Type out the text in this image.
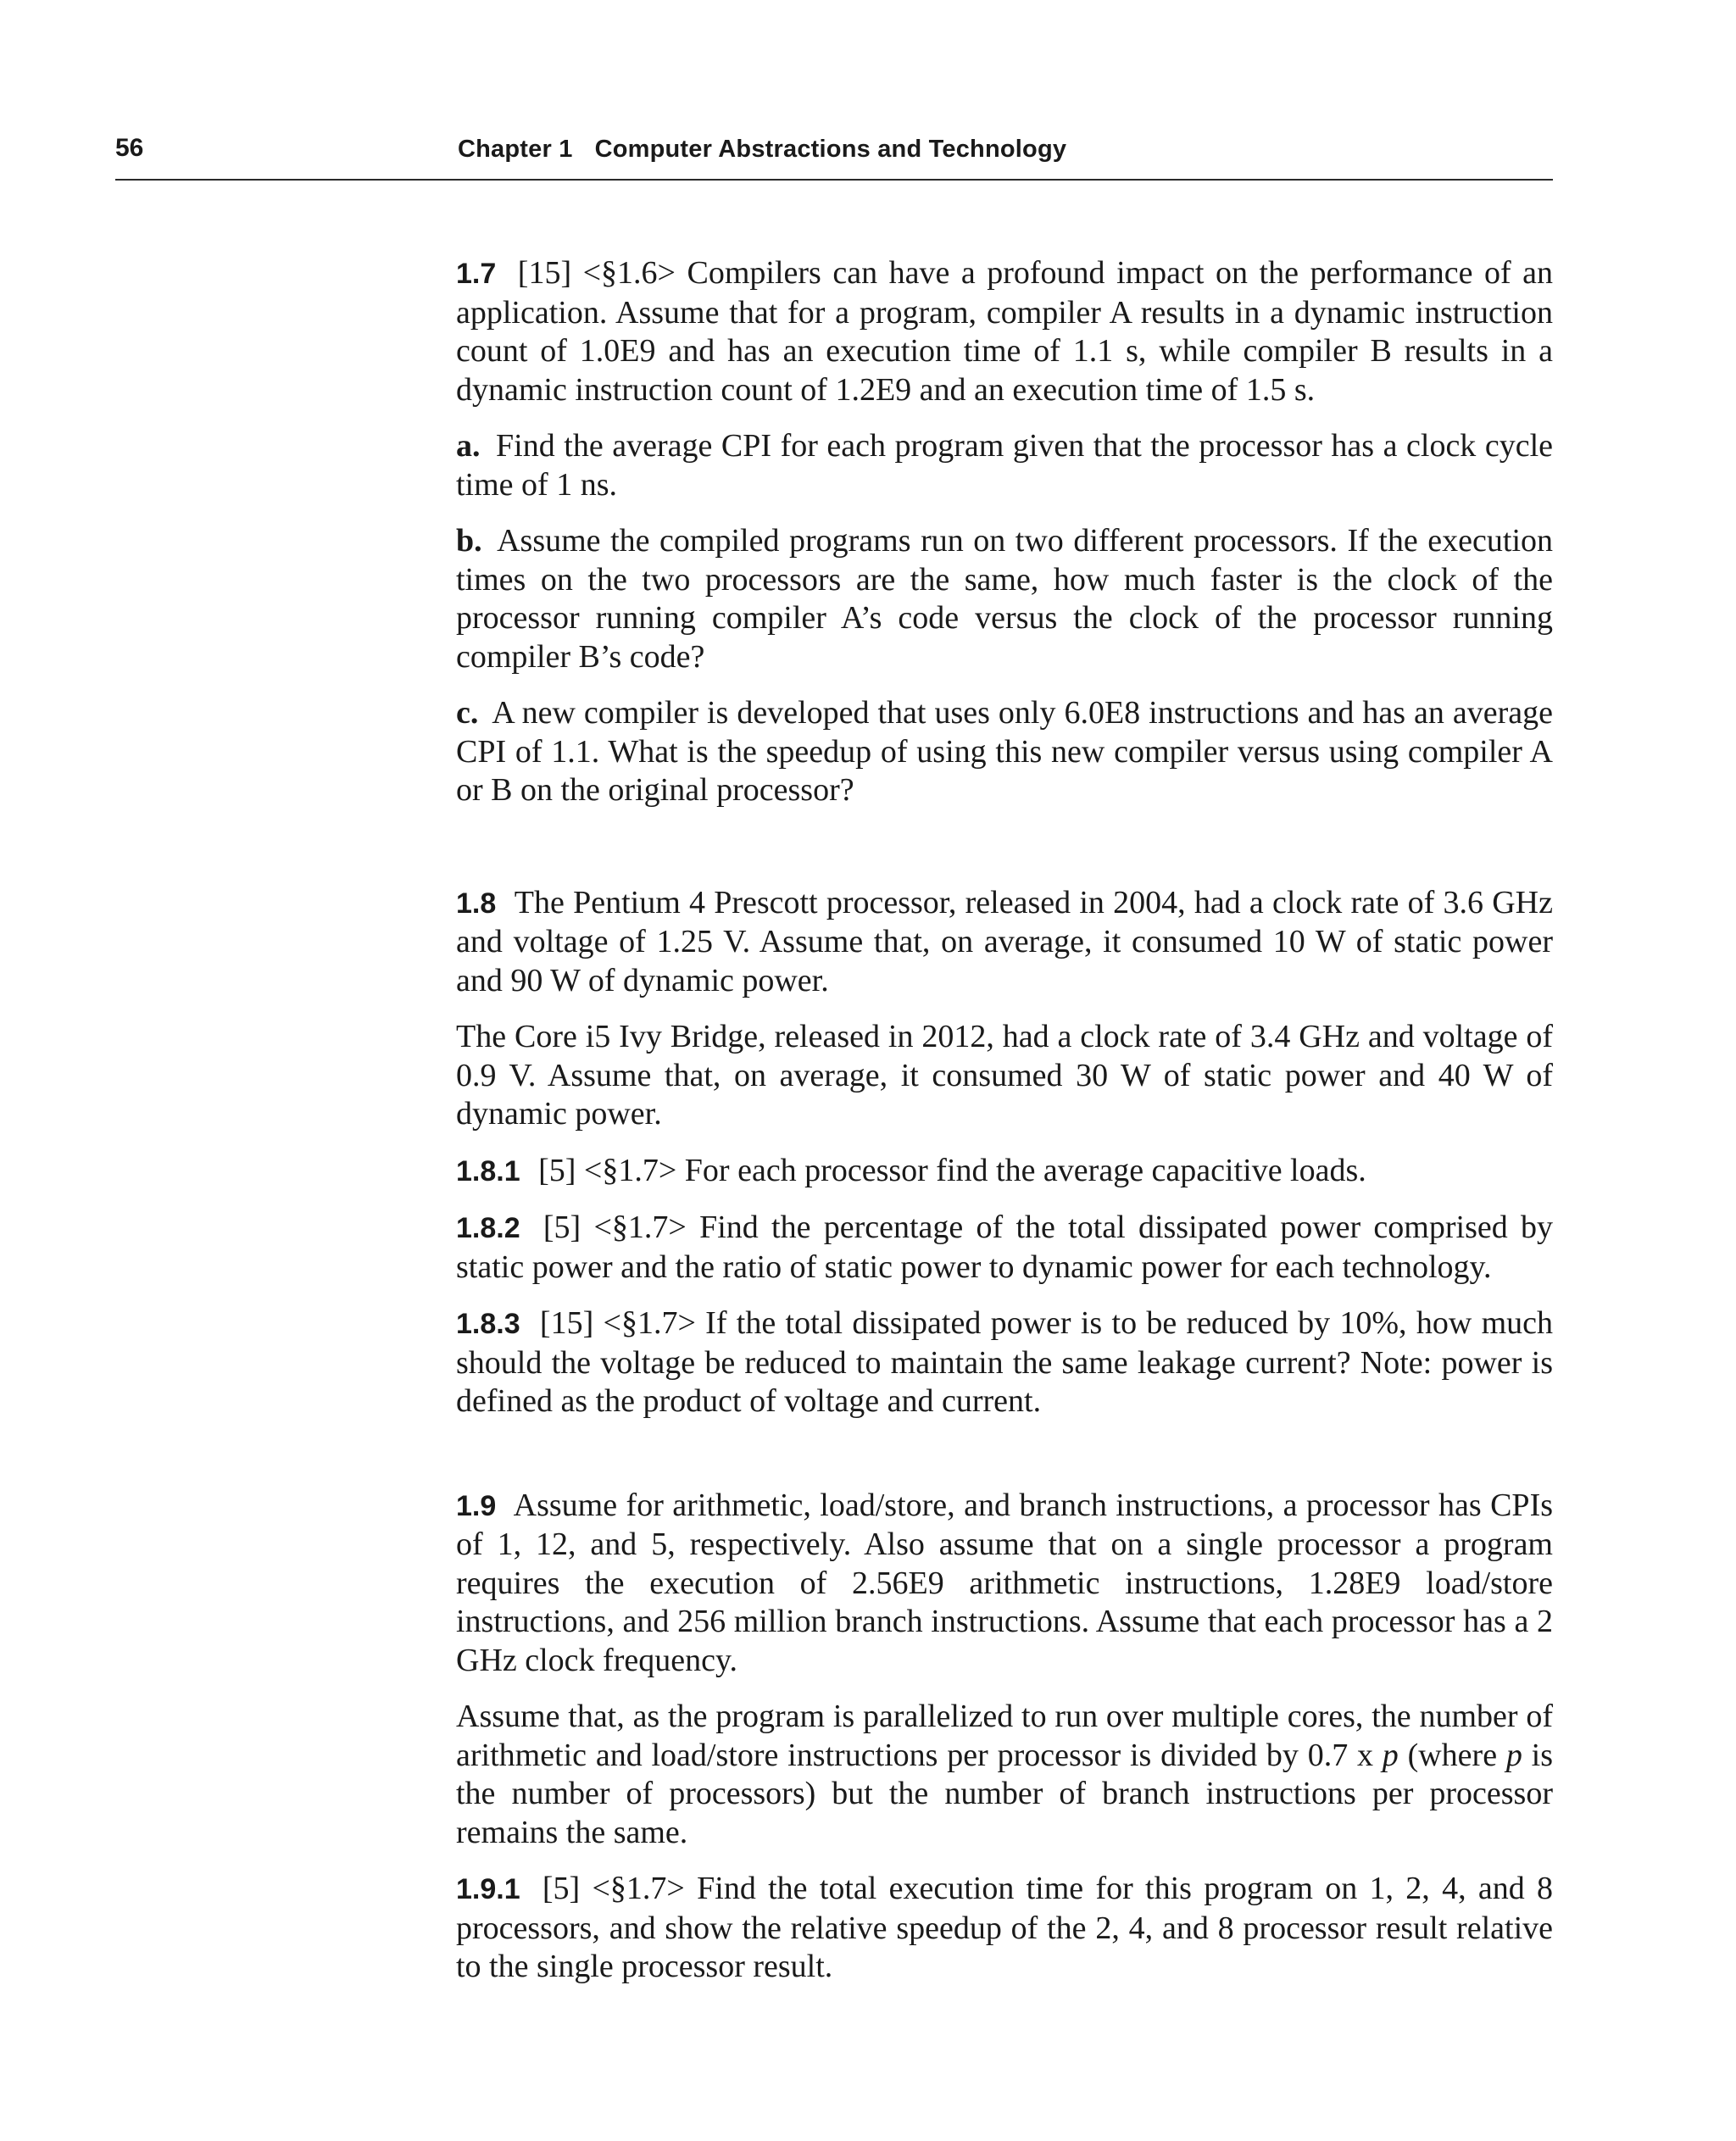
56	Chapter 1 Computer Abstractions and Technology

1.7 [15] <§1.6> Compilers can have a profound impact on the performance of an application. Assume that for a program, compiler A results in a dynamic instruction count of 1.0E9 and has an execution time of 1.1 s, while compiler B results in a dynamic instruction count of 1.2E9 and an execution time of 1.5 s.

a. Find the average CPI for each program given that the processor has a clock cycle time of 1 ns.

b. Assume the compiled programs run on two different processors. If the execution times on the two processors are the same, how much faster is the clock of the processor running compiler A’s code versus the clock of the processor running compiler B’s code?

c. A new compiler is developed that uses only 6.0E8 instructions and has an average CPI of 1.1. What is the speedup of using this new compiler versus using compiler A or B on the original processor?

1.8 The Pentium 4 Prescott processor, released in 2004, had a clock rate of 3.6 GHz and voltage of 1.25 V. Assume that, on average, it consumed 10 W of static power and 90 W of dynamic power.

The Core i5 Ivy Bridge, released in 2012, had a clock rate of 3.4 GHz and voltage of 0.9 V. Assume that, on average, it consumed 30 W of static power and 40 W of dynamic power.

1.8.1 [5] <§1.7> For each processor find the average capacitive loads.

1.8.2 [5] <§1.7> Find the percentage of the total dissipated power comprised by static power and the ratio of static power to dynamic power for each technology.

1.8.3 [15] <§1.7> If the total dissipated power is to be reduced by 10%, how much should the voltage be reduced to maintain the same leakage current? Note: power is defined as the product of voltage and current.

1.9 Assume for arithmetic, load/store, and branch instructions, a processor has CPIs of 1, 12, and 5, respectively. Also assume that on a single processor a program requires the execution of 2.56E9 arithmetic instructions, 1.28E9 load/store instructions, and 256 million branch instructions. Assume that each processor has a 2 GHz clock frequency.

Assume that, as the program is parallelized to run over multiple cores, the number of arithmetic and load/store instructions per processor is divided by 0.7 x p (where p is the number of processors) but the number of branch instructions per processor remains the same.

1.9.1 [5] <§1.7> Find the total execution time for this program on 1, 2, 4, and 8 processors, and show the relative speedup of the 2, 4, and 8 processor result relative to the single processor result.
